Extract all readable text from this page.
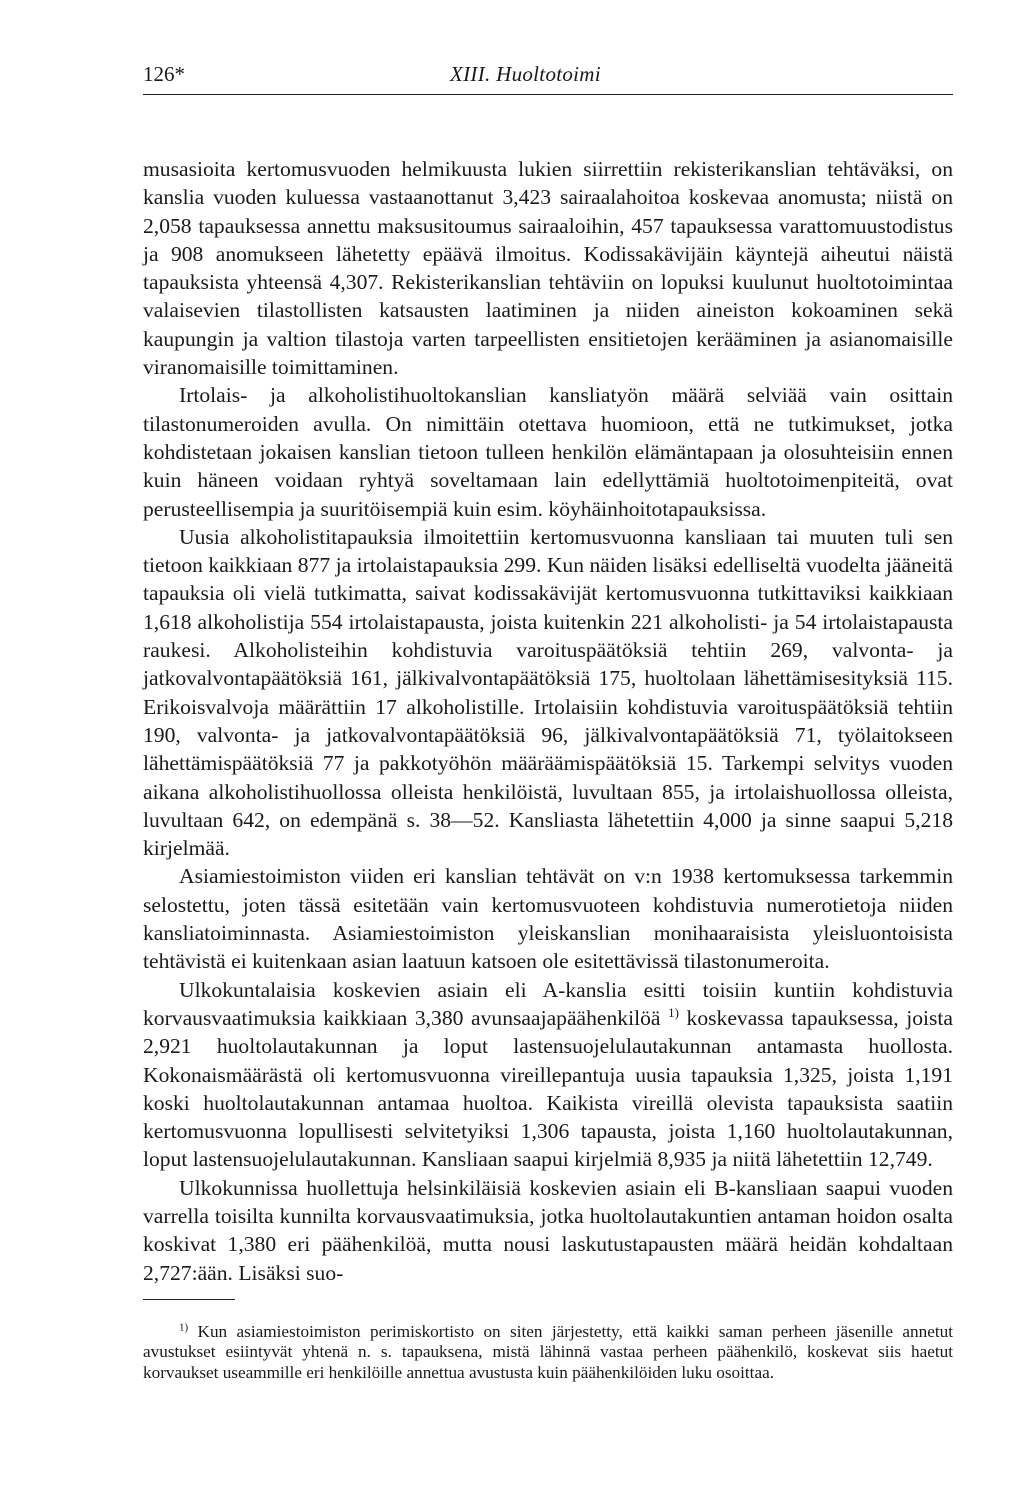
126*	XIII. Huoltotoimi

musasioita kertomusvuoden helmikuusta lukien siirrettiin rekisterikanslian tehtäväksi, on kanslia vuoden kuluessa vastaanottanut 3,423 sairaalahoitoa koskevaa anomusta; niistä on 2,058 tapauksessa annettu maksusitoumus sairaaloihin, 457 tapauksessa varattomuustodistus ja 908 anomukseen lähetetty epäävä ilmoitus. Kodissakävijäin käyntejä aiheutui näistä tapauksista yhteensä 4,307. Rekisterikanslian tehtäviin on lopuksi kuulunut huoltotoimintaa valaisevien tilastollisten katsausten laatiminen ja niiden aineiston kokoaminen sekä kaupungin ja valtion tilastoja varten tarpeellisten ensitietojen kerääminen ja asianomaisille viranomaisille toimittaminen.

Irtolais- ja alkoholistihuoltokanslian kansliatyön määrä selviää vain osittain tilastonumeroiden avulla. On nimittäin otettava huomioon, että ne tutkimukset, jotka kohdistetaan jokaisen kanslian tietoon tulleen henkilön elämäntapaan ja olosuhteisiin ennen kuin häneen voidaan ryhtyä soveltamaan lain edellyttämiä huoltotoimenpiteitä, ovat perusteellisempia ja suuritöisempiä kuin esim. köyhäinhoitotapauksissa.

Uusia alkoholistitapauksia ilmoitettiin kertomusvuonna kansliaan tai muuten tuli sen tietoon kaikkiaan 877 ja irtolaistapauksia 299. Kun näiden lisäksi edelliseltä vuodelta jääneitä tapauksia oli vielä tutkimatta, saivat kodissakävijät kertomusvuonna tutkittaviksi kaikkiaan 1,618 alkoholistija 554 irtolaistapausta, joista kuitenkin 221 alkoholisti- ja 54 irtolaistapausta raukesi. Alkoholisteihin kohdistuvia varoituspäätöksiä tehtiin 269, valvonta- ja jatkovalvontapäätöksiä 161, jälkivalvontapäätöksiä 175, huoltolaan lähettämisesityksiä 115. Erikoisvalvoja määrättiin 17 alkoholistille. Irtolaisiin kohdistuvia varoituspäätöksiä tehtiin 190, valvonta- ja jatkovalvontapäätöksiä 96, jälkivalvontapäätöksiä 71, työlaitokseen lähettämispäätöksiä 77 ja pakkotyöhön määräämispäätöksiä 15. Tarkempi selvitys vuoden aikana alkoholistihuollossa olleista henkilöistä, luvultaan 855, ja irtolaishuollossa olleista, luvultaan 642, on edempänä s. 38—52. Kansliasta lähetettiin 4,000 ja sinne saapui 5,218 kirjelmää.

Asiamiestoimiston viiden eri kanslian tehtävät on v:n 1938 kertomuksessa tarkemmin selostettu, joten tässä esitetään vain kertomusvuoteen kohdistuvia numerotietoja niiden kansliatoiminnasta. Asiamiestoimiston yleiskanslian monihaaraisista yleisluontoisista tehtävistä ei kuitenkaan asian laatuun katsoen ole esitettävissä tilastonumeroita.

Ulkokuntalaisia koskevien asiain eli A-kanslia esitti toisiin kuntiin kohdistuvia korvausvaatimuksia kaikkiaan 3,380 avunsaajapäähenkilöä $^{1)}$ koskevassa tapauksessa, joista 2,921 huoltolautakunnan ja loput lastensuojelulautakunnan antamasta huollosta. Kokonaismäärästä oli kertomusvuonna vireillepantuja uusia tapauksia 1,325, joista 1,191 koski huoltolautakunnan antamaa huoltoa. Kaikista vireillä olevista tapauksista saatiin kertomusvuonna lopullisesti selvitetyiksi 1,306 tapausta, joista 1,160 huoltolautakunnan, loput lastensuojelulautakunnan. Kansliaan saapui kirjelmiä 8,935 ja niitä lähetettiin 12,749.

Ulkokunnissa huollettuja helsinkiläisiä koskevien asiain eli B-kansliaan saapui vuoden varrella toisilta kunnilta korvausvaatimuksia, jotka huoltolautakuntien antaman hoidon osalta koskivat 1,380 eri päähenkilöä, mutta nousi laskutustapausten määrä heidän kohdaltaan 2,727:ään. Lisäksi suo-

$^{1)}$ Kun asiamiestoimiston perimiskortisto on siten järjestetty, että kaikki saman perheen jäsenille annetut avustukset esiintyvät yhtenä n. s. tapauksena, mistä lähinnä vastaa perheen päähenkilö, koskevat siis haetut korvaukset useammille eri henkilöille annettua avustusta kuin päähenkilöiden luku osoittaa.
